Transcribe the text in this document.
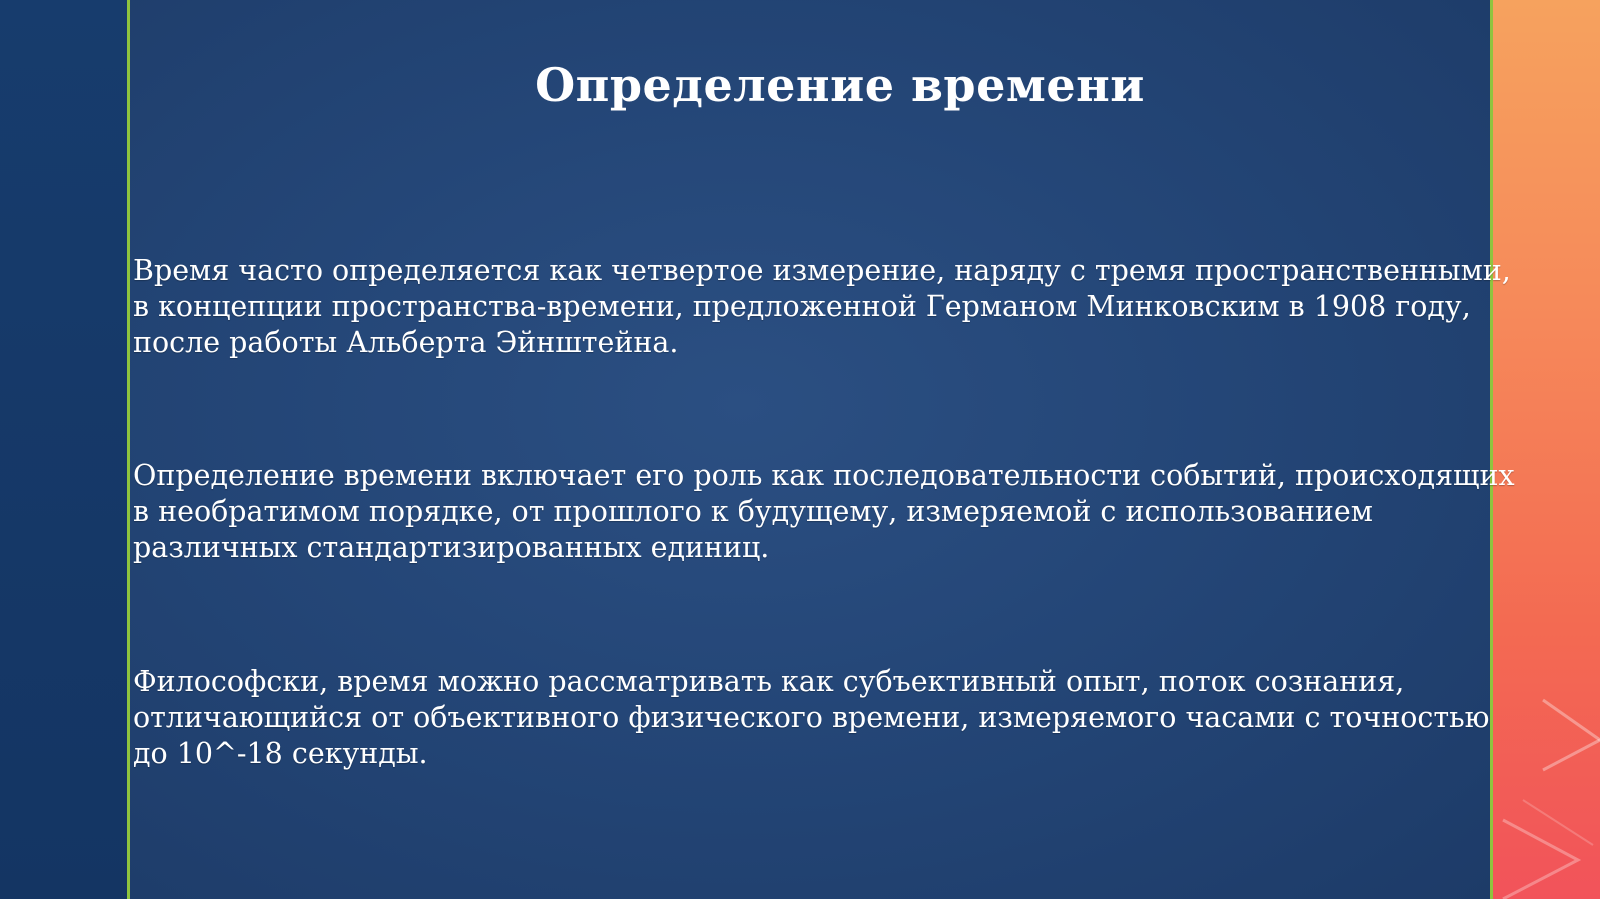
Определение времени

Время часто определяется как четвертое измерение, наряду с тремя пространственными, в концепции пространства-времени, предложенной Германом Минковским в 1908 году, после работы Альберта Эйнштейна.

Определение времени включает его роль как последовательности событий, происходящих в необратимом порядке, от прошлого к будущему, измеряемой с использованием различных стандартизированных единиц.

Философски, время можно рассматривать как субъективный опыт, поток сознания, отличающийся от объективного физического времени, измеряемого часами с точностью до 10^-18 секунды.
